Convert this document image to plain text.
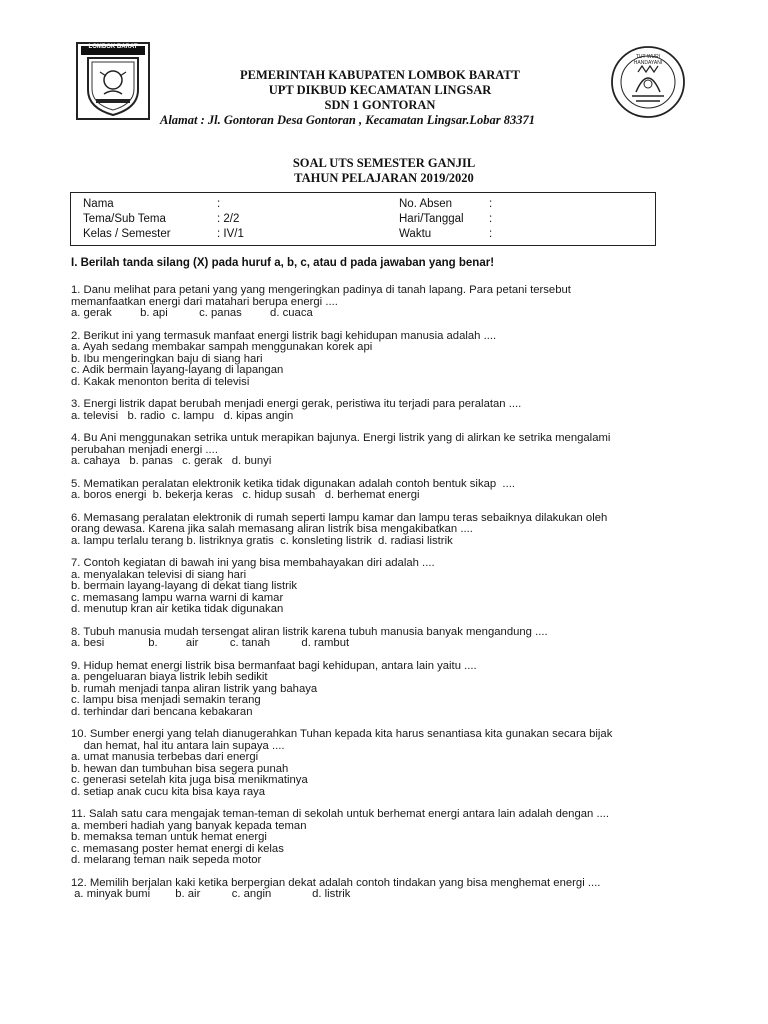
LOMBOK BARAT
TUT WURI HANDAYANI
PEMERINTAH KABUPATEN LOMBOK BARATT
UPT DIKBUD KECAMATAN LINGSAR
SDN 1 GONTORAN
Alamat : Jl. Gontoran Desa Gontoran , Kecamatan Lingsar.Lobar 83371
SOAL UTS SEMESTER GANJIL
TAHUN PELAJARAN 2019/2020
Nama	:	No. Absen	:
Tema/Sub Tema	: 2/2	Hari/Tanggal :
Kelas / Semester	: IV/1	Waktu	:
I. Berilah tanda silang (X) pada huruf a, b, c, atau d pada jawaban yang benar!
1. Danu melihat para petani yang yang mengeringkan padinya di tanah lapang. Para petani tersebut
memanfaatkan energi dari matahari berupa energi ....
a. gerak         b. api          c. panas         d. cuaca
2. Berikut ini yang termasuk manfaat energi listrik bagi kehidupan manusia adalah ....
a. Ayah sedang membakar sampah menggunakan korek api
b. Ibu mengeringkan baju di siang hari
c. Adik bermain layang-layang di lapangan
d. Kakak menonton berita di televisi
3. Energi listrik dapat berubah menjadi energi gerak, peristiwa itu terjadi para peralatan ....
a. televisi   b. radio  c. lampu   d. kipas angin
4. Bu Ani menggunakan setrika untuk merapikan bajunya. Energi listrik yang di alirkan ke setrika mengalami
perubahan menjadi energi ....
a. cahaya   b. panas   c. gerak   d. bunyi
5. Mematikan peralatan elektronik ketika tidak digunakan adalah contoh bentuk sikap  ....
a. boros energi  b. bekerja keras   c. hidup susah   d. berhemat energi
6. Memasang peralatan elektronik di rumah seperti lampu kamar dan lampu teras sebaiknya dilakukan oleh
orang dewasa. Karena jika salah memasang aliran listrik bisa mengakibatkan ....
a. lampu terlalu terang b. listriknya gratis  c. konsleting listrik  d. radiasi listrik
7. Contoh kegiatan di bawah ini yang bisa membahayakan diri adalah ....
a. menyalakan televisi di siang hari
b. bermain layang-layang di dekat tiang listrik
c. memasang lampu warna warni di kamar
d. menutup kran air ketika tidak digunakan
8. Tubuh manusia mudah tersengat aliran listrik karena tubuh manusia banyak mengandung ....
a. besi              b.         air          c. tanah          d. rambut
9. Hidup hemat energi listrik bisa bermanfaat bagi kehidupan, antara lain yaitu ....
a. pengeluaran biaya listrik lebih sedikit
b. rumah menjadi tanpa aliran listrik yang bahaya
c. lampu bisa menjadi semakin terang
d. terhindar dari bencana kebakaran
10. Sumber energi yang telah dianugerahkan Tuhan kepada kita harus senantiasa kita gunakan secara bijak
dan hemat, hal itu antara lain supaya ....
a. umat manusia terbebas dari energi
b. hewan dan tumbuhan bisa segera punah
c. generasi setelah kita juga bisa menikmatinya
d. setiap anak cucu kita bisa kaya raya
11. Salah satu cara mengajak teman-teman di sekolah untuk berhemat energi antara lain adalah dengan ....
a. memberi hadiah yang banyak kepada teman
b. memaksa teman untuk hemat energi
c. memasang poster hemat energi di kelas
d. melarang teman naik sepeda motor
12. Memilih berjalan kaki ketika berpergian dekat adalah contoh tindakan yang bisa menghemat energi ....
a. minyak bumi        b. air          c. angin             d. listrik
